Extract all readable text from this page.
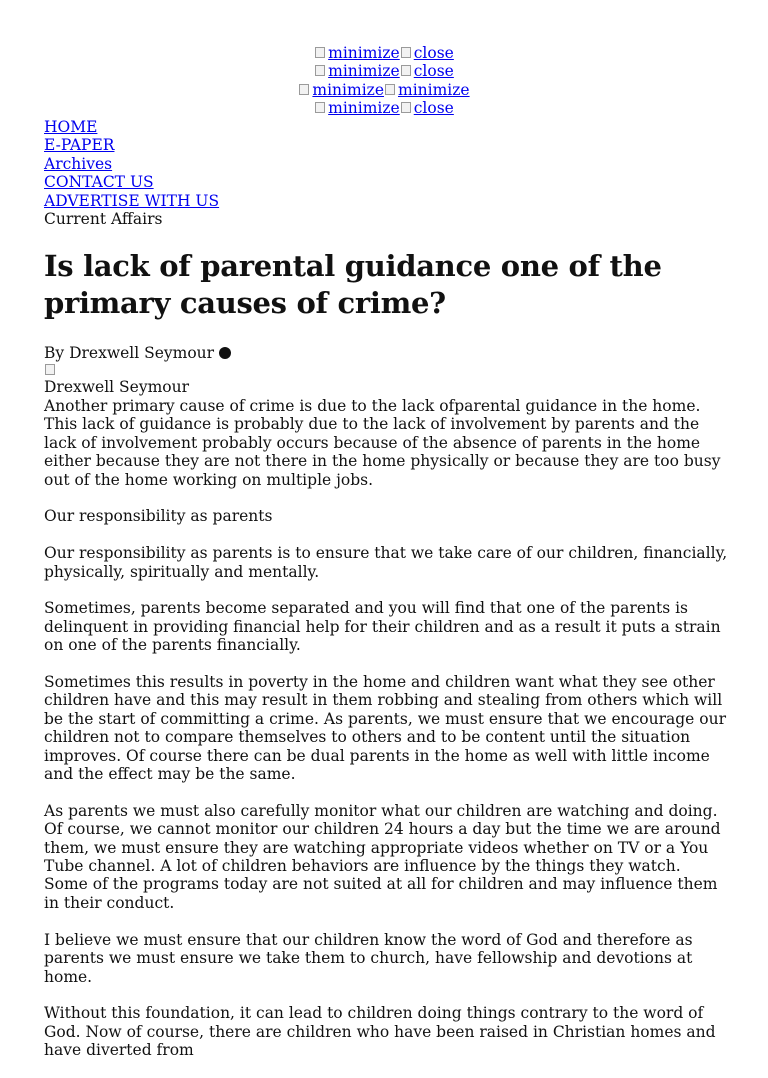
minimize close
minimize close
minimize minimize
minimize close
HOME
E-PAPER
Archives
CONTACT US
ADVERTISE WITH US
Current Affairs
Is lack of parental guidance one of the primary causes of crime?
By Drexwell Seymour
Drexwell Seymour

Another primary cause of crime is due to the lack ofparental guidance in the home. This lack of guidance is probably due to the lack of involvement by parents and the lack of involvement probably occurs because of the absence of parents in the home either because they are not there in the home physically or because they are too busy out of the home working on multiple jobs.

Our responsibility as parents

Our responsibility as parents is to ensure that we take care of our children, financially, physically, spiritually and mentally.

Sometimes, parents become separated and you will find that one of the parents is delinquent in providing financial help for their children and as a result it puts a strain on one of the parents financially.

Sometimes this results in poverty in the home and children want what they see other children have and this may result in them robbing and stealing from others which will be the start of committing a crime. As parents, we must ensure that we encourage our children not to compare themselves to others and to be content until the situation improves. Of course there can be dual parents in the home as well with little income and the effect may be the same.

As parents we must also carefully monitor what our children are watching and doing. Of course, we cannot monitor our children 24 hours a day but the time we are around them, we must ensure they are watching appropriate videos whether on TV or a You Tube channel. A lot of children behaviors are influence by the things they watch. Some of the programs today are not suited at all for children and may influence them in their conduct.

I believe we must ensure that our children know the word of God and therefore as parents we must ensure we take them to church, have fellowship and devotions at home.

Without this foundation, it can lead to children doing things contrary to the word of God. Now of course, there are children who have been raised in Christian homes and have diverted from
